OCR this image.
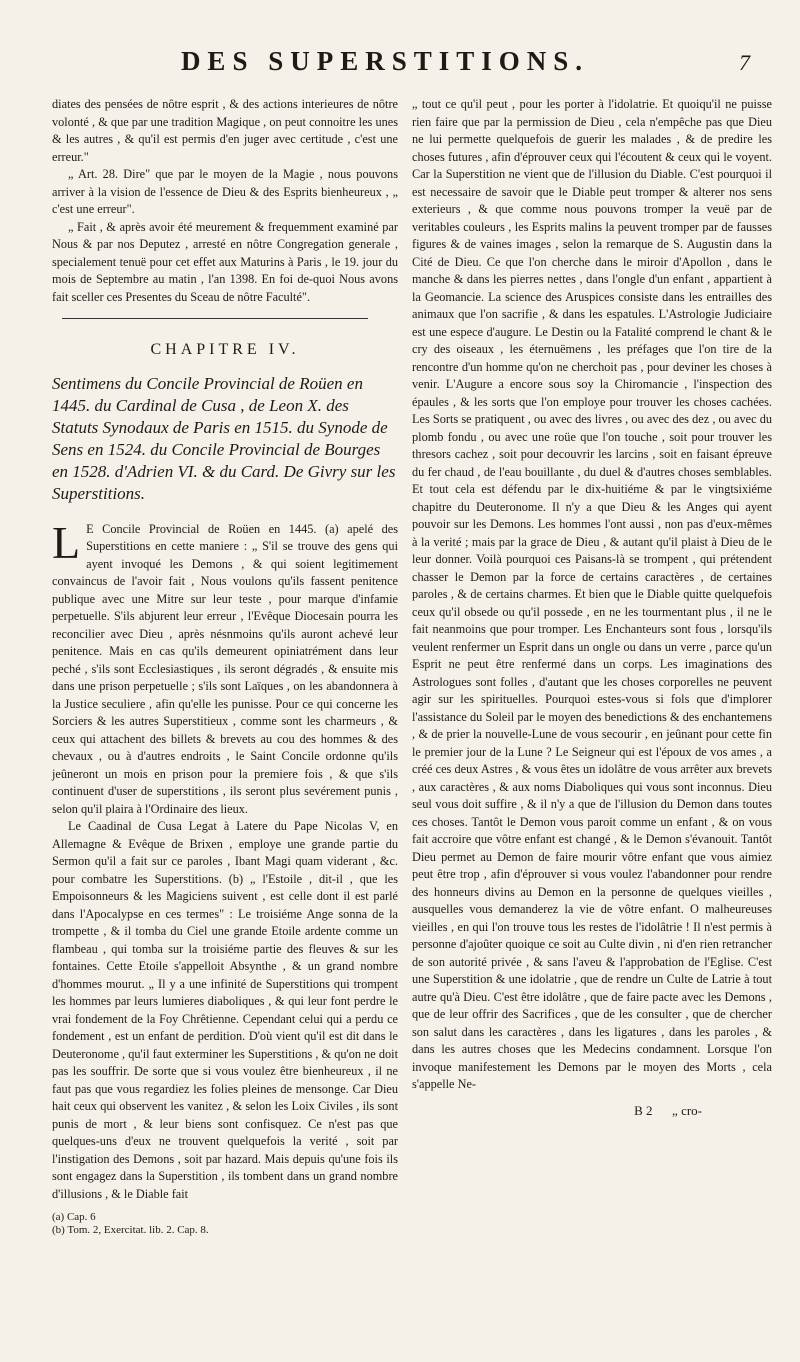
DES SUPERSTITIONS.	7

diates des pensées de nôtre esprit , & des actions interieures de nôtre volonté , & que par une tradition Magique , on peut connoitre les unes & les autres , & qu'il est permis d'en juger avec certitude , c'est une erreur."

„ Art. 28. Dire" que par le moyen de la Magie , nous pouvons arriver à la vision de l'essence de Dieu & des Esprits bienheureux , „ c'est une erreur".

„ Fait , & après avoir été meurement & frequemment examiné par Nous & par nos Deputez , arresté en nôtre Congregation generale , specialement tenuë pour cet effet aux Maturins à Paris , le 19. jour du mois de Septembre au matin , l'an 1398. En foi de-quoi Nous avons fait sceller ces Presentes du Sceau de nôtre Faculté".

CHAPITRE IV.
Sentimens du Concile Provincial de Roüen en 1445. du Cardinal de Cusa , de Leon X. des Statuts Synodaux de Paris en 1515. du Synode de Sens en 1524. du Concile Provincial de Bourges en 1528. d'Adrien VI. & du Card. De Givry sur les Superstitions.

L E Concile Provincial de Roüen en 1445. (a) apelé des Superstitions en cette maniere : „ S'il se trouve des gens qui ayent invoqué les Demons , & qui soient legitimement convaincus de l'avoir fait , Nous voulons qu'ils fassent penitence publique avec une Mitre sur leur teste , pour marque d'infamie perpetuelle. S'ils abjurent leur erreur , l'Evêque Diocesain pourra les reconcilier avec Dieu , après nésnmoins qu'ils auront achevé leur penitence. Mais en cas qu'ils demeurent opiniatrément dans leur peché , s'ils sont Ecclesiastiques , ils seront dégradés , & ensuite mis dans une prison perpetuelle ; s'ils sont Laïques , on les abandonnera à la Justice seculiere , afin qu'elle les punisse. Pour ce qui concerne les Sorciers & les autres Superstitieux , comme sont les charmeurs , & ceux qui attachent des billets & brevets au cou des hommes & des chevaux , ou à d'autres endroits , le Saint Concile ordonne qu'ils jeûneront un mois en prison pour la premiere fois , & que s'ils continuent d'user de superstitions , ils seront plus sevérement punis , selon qu'il plaira à l'Ordinaire des lieux.

Le Caadinal de Cusa Legat à Latere du Pape Nicolas V, en Allemagne & Evêque de Brixen , employe une grande partie du Sermon qu'il a fait sur ce paroles , Ibant Magi quam viderant , &c. pour combatre les Superstitions. (b) „ l'Estoile , dit-il , que les Empoisonneurs & les Magiciens suivent , est celle dont il est parlé dans l'Apocalypse en ces termes" : Le troisiéme Ange sonna de la trompette , & il tomba du Ciel une grande Etoile ardente comme un flambeau , qui tomba sur la troisiéme partie des fleuves & sur les fontaines. Cette Etoile s'appelloit Absynthe , & un grand nombre d'hommes mourut. „ Il y a une infinité de Superstitions qui trompent les hommes par leurs lumieres diaboliques , & qui leur font perdre le vrai fondement de la Foy Chrêtienne. Cependant celui qui a perdu ce fondement , est un enfant de perdition. D'où vient qu'il est dit dans le Deuteronome , qu'il faut exterminer les Superstitions , & qu'on ne doit pas les souffrir. De sorte que si vous voulez être bienheureux , il ne faut pas que vous regardiez les folies pleines de mensonge. Car Dieu hait ceux qui observent les vanitez , & selon les Loix Civiles , ils sont punis de mort , & leur biens sont confisquez. Ce n'est pas que quelques-uns d'eux ne trouvent quelquefois la verité , soit par l'instigation des Demons , soit par hazard. Mais depuis qu'une fois ils sont engagez dans la Superstition , ils tombent dans un grand nombre d'illusions , & le Diable fait

(a) Cap. 6
(b) Tom. 2, Exercitat. lib. 2. Cap. 8.

„ tout ce qu'il peut , pour les porter à l'idolatrie. Et quoiqu'il ne puisse rien faire que par la permission de Dieu , cela n'empêche pas que Dieu ne lui permette quelquefois de guerir les malades , & de predire les choses futures , afin d'éprouver ceux qui l'écoutent & ceux qui le voyent. Car la Superstition ne vient que de l'illusion du Diable. C'est pourquoi il est necessaire de savoir que le Diable peut tromper & alterer nos sens exterieurs , & que comme nous pouvons tromper la veuë par de veritables couleurs , les Esprits malins la peuvent tromper par de fausses figures & de vaines images , selon la remarque de S. Augustin dans la Cité de Dieu. Ce que l'on cherche dans le miroir d'Apollon , dans le manche & dans les pierres nettes , dans l'ongle d'un enfant , appartient à la Geomancie. La science des Aruspices consiste dans les entrailles des animaux que l'on sacrifie , & dans les espatules. L'Astrologie Judiciaire est une espece d'augure. Le Destin ou la Fatalité comprend le chant & le cry des oiseaux , les éternuëmens , les préfages que l'on tire de la rencontre d'un homme qu'on ne cherchoit pas , pour deviner les choses à venir. L'Augure a encore sous soy la Chiromancie , l'inspection des épaules , & les sorts que l'on employe pour trouver les choses cachées. Les Sorts se pratiquent , ou avec des livres , ou avec des dez , ou avec du plomb fondu , ou avec une roüe que l'on touche , soit pour trouver les thresors cachez , soit pour decouvrir les larcins , soit en faisant épreuve du fer chaud , de l'eau bouillante , du duel & d'autres choses semblables. Et tout cela est défendu par le dix-huitiéme & par le vingtsixiéme chapitre du Deuteronome. Il n'y a que Dieu & les Anges qui ayent pouvoir sur les Demons. Les hommes l'ont aussi , non pas d'eux-mêmes à la verité ; mais par la grace de Dieu , & autant qu'il plaist à Dieu de le leur donner. Voilà pourquoi ces Paisans-là se trompent , qui prétendent chasser le Demon par la force de certains caractères , de certaines paroles , & de certains charmes. Et bien que le Diable quitte quelquefois ceux qu'il obsede ou qu'il possede , en ne les tourmentant plus , il ne le fait neanmoins que pour tromper. Les Enchanteurs sont fous , lorsqu'ils veulent renfermer un Esprit dans un ongle ou dans un verre , parce qu'un Esprit ne peut être renfermé dans un corps. Les imaginations des Astrologues sont folles , d'autant que les choses corporelles ne peuvent agir sur les spirituelles. Pourquoi estes-vous si fols que d'implorer l'assistance du Soleil par le moyen des benedictions & des enchantemens , & de prier la nouvelle-Lune de vous secourir , en jeûnant pour cette fin le premier jour de la Lune ? Le Seigneur qui est l'époux de vos ames , a créé ces deux Astres , & vous êtes un idolâtre de vous arrêter aux brevets , aux caractères , & aux noms Diaboliques qui vous sont inconnus. Dieu seul vous doit suffire , & il n'y a que de l'illusion du Demon dans toutes ces choses. Tantôt le Demon vous paroit comme un enfant , & on vous fait accroire que vôtre enfant est changé , & le Demon s'évanouit. Tantôt Dieu permet au Demon de faire mourir vôtre enfant que vous aimiez peut être trop , afin d'éprouver si vous voulez l'abandonner pour rendre des honneurs divins au Demon en la personne de quelques vieilles , ausquelles vous demanderez la vie de vôtre enfant. O malheureuses vieilles , en qui l'on trouve tous les restes de l'idolâtrie ! Il n'est permis à personne d'ajoûter quoique ce soit au Culte divin , ni d'en rien retrancher de son autorité privée , & sans l'aveu & l'approbation de l'Eglise. C'est une Superstition & une idolatrie , que de rendre un Culte de Latrie à tout autre qu'à Dieu. C'est être idolâtre , que de faire pacte avec les Demons , que de leur offrir des Sacrifices , que de les consulter , que de chercher son salut dans les caractères , dans les ligatures , dans les paroles , & dans les autres choses que les Medecins condamnent. Lorsque l'on invoque manifestement les Demons par le moyen des Morts , cela s'appelle Ne-

B 2 „ cro-
